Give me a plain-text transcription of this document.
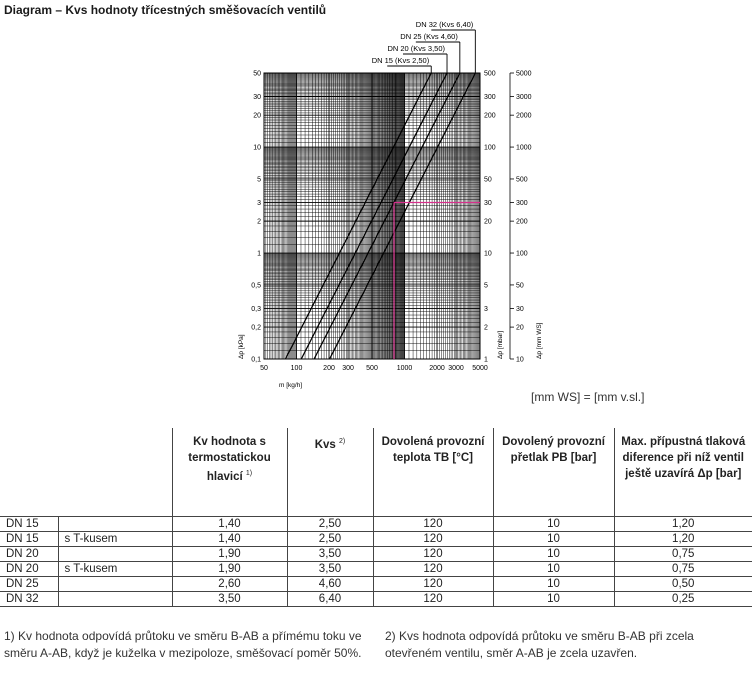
Diagram – Kvs hodnoty třícestných směšovacích ventilů
DN 15 (Kvs 2,50)
DN 20 (Kvs 3,50)
DN 25 (Kvs 4,60)
DN 32 (Kvs 6,40)
50	100	200 300 500	1000 2000 3000 5000
m [kg/h]
50	500	5000
30	300	3000
20	200	2000
10	100	1000
5	50	500
3	30	300
2	20	200
1	10	100
0,5	5	50
0,3	3	30
0,2	2	20
0,1	1	10
Δp [kPa]	Δp [mbar]	Δp [mm WS]
[mm WS] = [mm v.sl.]
		Kv hodnota s termostatickou hlavicí $^{1)}$	Kvs $^{2)}$	Dovolená provozní teplota TB [°C]	Dovolený provozní přetlak PB [bar]	Max. přípustná tlaková diference při níž ventil ještě uzavírá Δp [bar]
DN 15		1,40	2,50	120	10	1,20
DN 15	s T-kusem	1,40	2,50	120	10	1,20
DN 20		1,90	3,50	120	10	0,75
DN 20	s T-kusem	1,90	3,50	120	10	0,75
DN 25		2,60	4,60	120	10	0,50
DN 32		3,50	6,40	120	10	0,25
1) Kv hodnota odpovídá průtoku ve směru B-AB a přímému toku ve směru A-AB, když je kuželka v mezipoloze, směšovací poměr 50%.
2) Kvs hodnota odpovídá průtoku ve směru B-AB při zcela otevřeném ventilu, směr A-AB je zcela uzavřen.
